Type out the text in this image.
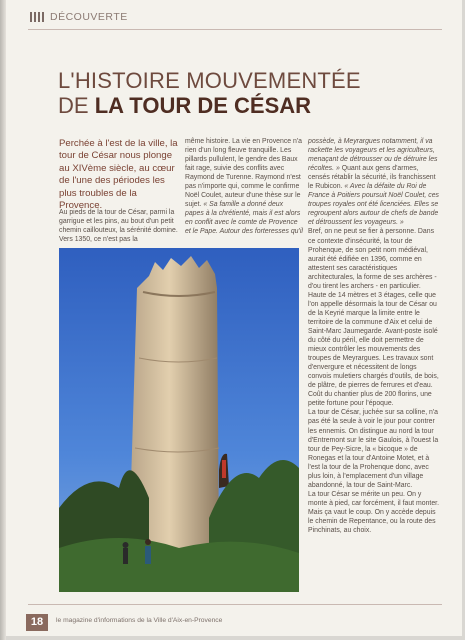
DÉCOUVERTE
L'HISTOIRE MOUVEMENTÉE
DE LA TOUR DE CÉSAR
Perchée à l'est de la ville, la tour de César nous plonge au XIVème siècle, au cœur de l'une des périodes les plus troubles de la Provence.

Au pieds de la tour de César, parmi la garrigue et les pins, au bout d'un petit chemin caillouteux, la sérénité domine. Vers 1350, ce n'est pas la

même histoire. La vie en Provence n'a rien d'un long fleuve tranquille. Les pillards pullulent, le gendre des Baux fait rage, suivie des conflits avec Raymond de Turenne. Raymond n'est pas n'importe qui, comme le confirme Noël Coulet, auteur d'une thèse sur le sujet. « Sa famille a donné deux papes à la chrétienté, mais il est alors en conflit avec le comte de Provence et le Pape. Autour des forteresses qu'il

possède, à Meyrargues notamment, il va rackette les voyageurs et les agriculteurs, menaçant de détrousser ou de détruire les récoltes. » Quant aux gens d'armes, censés rétablir la sécurité, ils franchissent le Rubicon. « Avec la défaite du Roi de France à Poitiers poursuit Noël Coulet, ces troupes royales ont été licenciées. Elles se regroupent alors autour de chefs de bande et détroussent les voyageurs. »

Bref, on ne peut se fier à personne. Dans ce contexte d'insécurité, la tour de Prohenque, de son petit nom médiéval, aurait été édifiée en 1396, comme en attestent ses caractéristiques architecturales, la forme de ses archères - d'ou tirent les archers - en particulier. Haute de 14 mètres et 3 étages, celle que l'on appelle désormais la tour de César ou de la Keyrié marque la limite entre le territoire de la commune d'Aix et celui de Saint-Marc Jaumegarde. Avant-poste isolé du côté du péril, elle doit permettre de mieux contrôler les mouvements des troupes de Meyrargues. Les travaux sont d'envergure et nécessitent de longs convois muletiers chargés d'outils, de bois, de plâtre, de pierres de ferrures et d'eau. Coût du chantier plus de 200 florins, une petite fortune pour l'époque.

La tour de César, juchée sur sa colline, n'a pas été la seule à voir le jour pour contrer les ennemis. On distingue au nord la tour d'Entremont sur le site Gaulois, à l'ouest la tour de Pey-Sicre, la « bicoque » de Ronegas et la tour d'Antoine Motet, et à l'est la tour de la Prohenque donc, avec plus loin, à l'emplacement d'un village abandonné, la tour de Saint-Marc.

La tour César se mérite un peu. On y monte à pied, car forcément, il faut monter. Mais ça vaut le coup. On y accède depuis le chemin de Repentance, ou la route des Pinchinats, au choix.

18	le magazine d'informations de la Ville d'Aix-en-Provence
